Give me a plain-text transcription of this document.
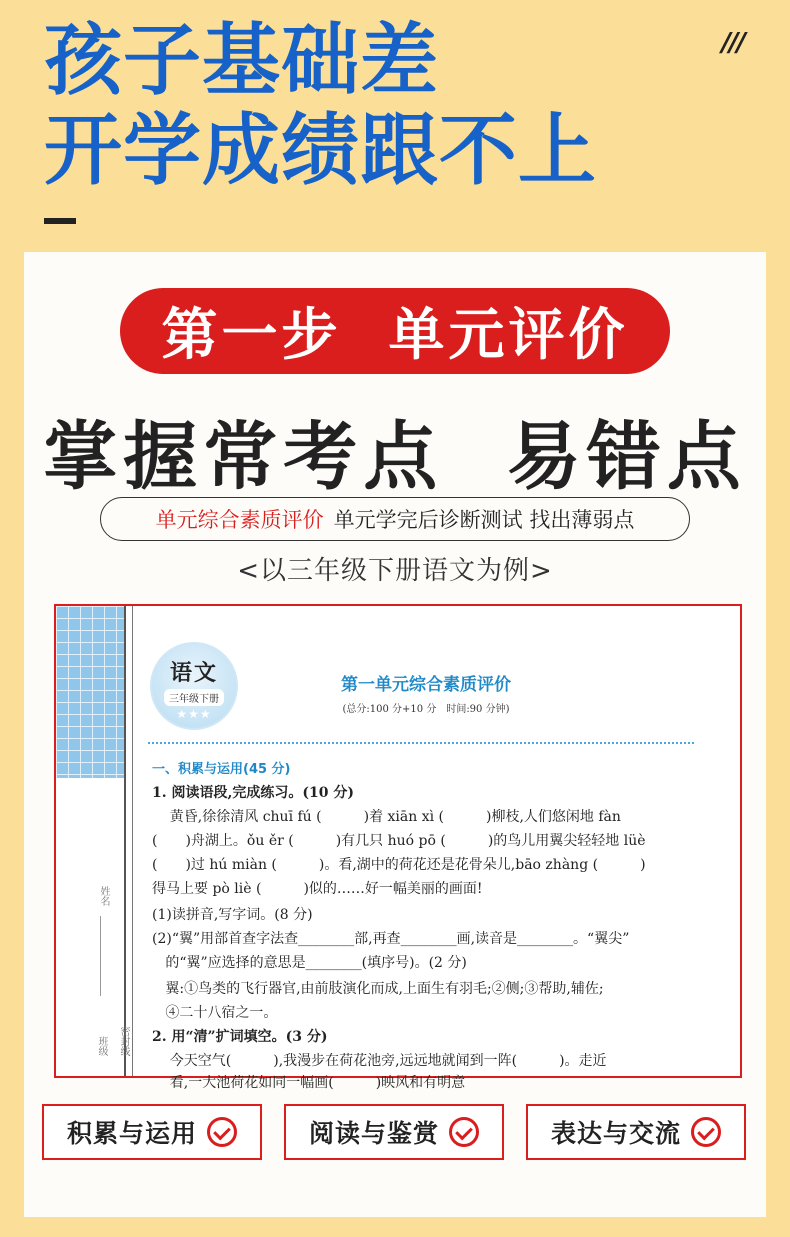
孩子基础差
开学成绩跟不上
///
第一步  单元评价
掌握常考点  易错点
单元综合素质评价 单元学完后诊断测试 找出薄弱点
<以三年级下册语文为例>
姓名
密封线
班级
语文
三年级下册
★★★
第一单元综合素质评价
(总分:100 分+10 分　时间:90 分钟)
一、积累与运用(45 分)
1. 阅读语段,完成练习。(10 分)
黄昏,徐徐清风 chuī fú (　　　)着 xiān xì (　　　)柳枝,人们悠闲地 fàn
(　　)舟湖上。ǒu ěr (　　　)有几只 huó pō (　　　)的鸟儿用翼尖轻轻地 lüè
(　　)过 hú miàn (　　　)。看,湖中的荷花还是花骨朵儿,bāo zhàng (　　　)
得马上要 pò liè (　　　)似的……好一幅美丽的画面!
(1)读拼音,写字词。(8 分)
(2)“翼”用部首查字法查________部,再查________画,读音是________。“翼尖”
的“翼”应选择的意思是________(填序号)。(2 分)
翼:①鸟类的飞行器官,由前肢演化而成,上面生有羽毛;②侧;③帮助,辅佐;
④二十八宿之一。
2. 用“清”扩词填空。(3 分)
今天空气(　　　),我漫步在荷花池旁,远远地就闻到一阵(　　　)。走近
看,一大池荷花如同一幅画(　　　)映风和有明意
积累与运用	阅读与鉴赏	表达与交流
